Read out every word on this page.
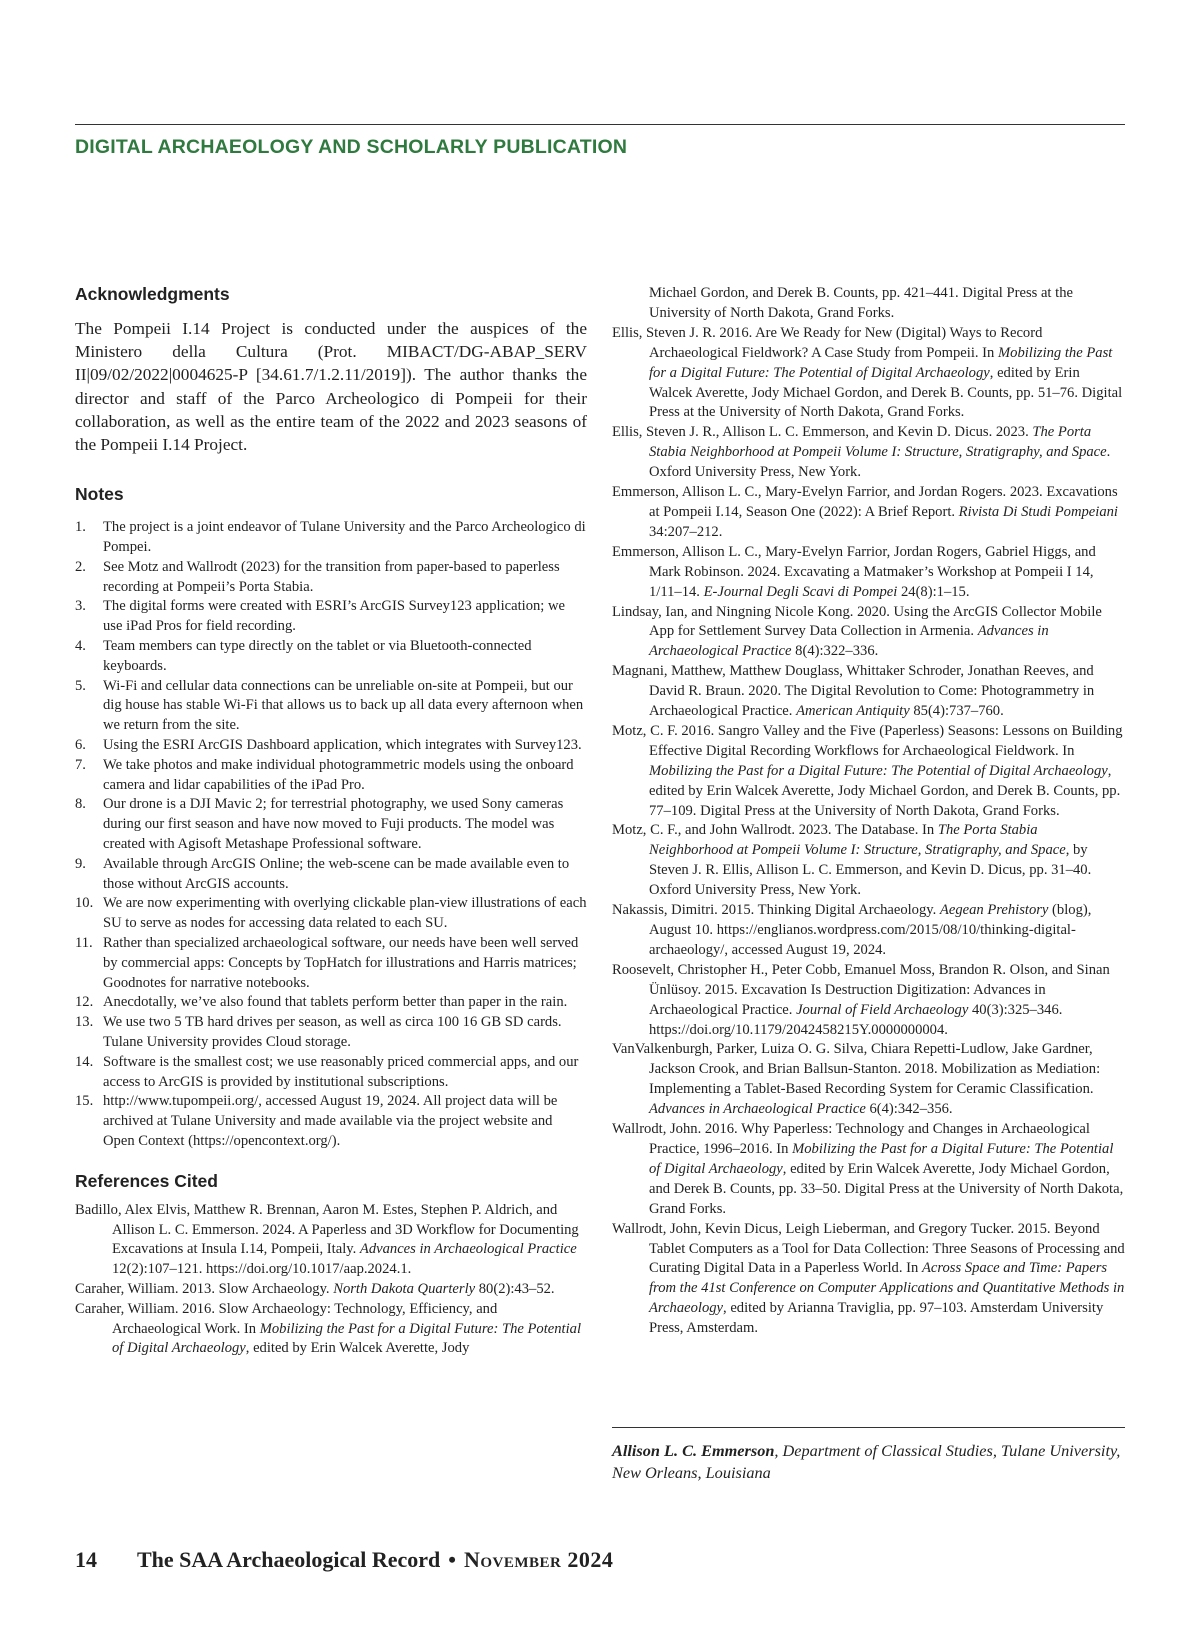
DIGITAL ARCHAEOLOGY AND SCHOLARLY PUBLICATION
Acknowledgments
The Pompeii I.14 Project is conducted under the auspices of the Ministero della Cultura (Prot. MIBACT/DG-ABAP_SERV II|09/02/2022|0004625-P [34.61.7/1.2.11/2019]). The author thanks the director and staff of the Parco Archeologico di Pompeii for their collaboration, as well as the entire team of the 2022 and 2023 seasons of the Pompeii I.14 Project.
Notes
1.	The project is a joint endeavor of Tulane University and the Parco Archeologico di Pompei.
2.	See Motz and Wallrodt (2023) for the transition from paper-based to paperless recording at Pompeii’s Porta Stabia.
3.	The digital forms were created with ESRI’s ArcGIS Survey123 application; we use iPad Pros for field recording.
4.	Team members can type directly on the tablet or via Bluetooth-connected keyboards.
5.	Wi-Fi and cellular data connections can be unreliable on-site at Pompeii, but our dig house has stable Wi-Fi that allows us to back up all data every afternoon when we return from the site.
6.	Using the ESRI ArcGIS Dashboard application, which integrates with Survey123.
7.	We take photos and make individual photogrammetric models using the onboard camera and lidar capabilities of the iPad Pro.
8.	Our drone is a DJI Mavic 2; for terrestrial photography, we used Sony cameras during our first season and have now moved to Fuji products. The model was created with Agisoft Metashape Professional software.
9.	Available through ArcGIS Online; the web-scene can be made available even to those without ArcGIS accounts.
10. We are now experimenting with overlying clickable plan-view illustrations of each SU to serve as nodes for accessing data related to each SU.
11. Rather than specialized archaeological software, our needs have been well served by commercial apps: Concepts by TopHatch for illustrations and Harris matrices; Goodnotes for narrative notebooks.
12. Anecdotally, we’ve also found that tablets perform better than paper in the rain.
13. We use two 5 TB hard drives per season, as well as circa 100 16 GB SD cards. Tulane University provides Cloud storage.
14. Software is the smallest cost; we use reasonably priced commercial apps, and our access to ArcGIS is provided by institutional subscriptions.
15. http://www.tupompeii.org/, accessed August 19, 2024. All project data will be archived at Tulane University and made available via the project website and Open Context (https://opencontext.org/).
References Cited
Badillo, Alex Elvis, Matthew R. Brennan, Aaron M. Estes, Stephen P. Aldrich, and Allison L. C. Emmerson. 2024. A Paperless and 3D Workflow for Documenting Excavations at Insula I.14, Pompeii, Italy. Advances in Archaeological Practice 12(2):107–121. https://doi.org/10.1017/aap.2024.1.
Caraher, William. 2013. Slow Archaeology. North Dakota Quarterly 80(2):43–52.
Caraher, William. 2016. Slow Archaeology: Technology, Efficiency, and Archaeological Work. In Mobilizing the Past for a Digital Future: The Potential of Digital Archaeology, edited by Erin Walcek Averette, Jody
Michael Gordon, and Derek B. Counts, pp. 421–441. Digital Press at the University of North Dakota, Grand Forks.
Ellis, Steven J. R. 2016. Are We Ready for New (Digital) Ways to Record Archaeological Fieldwork? A Case Study from Pompeii. In Mobilizing the Past for a Digital Future: The Potential of Digital Archaeology, edited by Erin Walcek Averette, Jody Michael Gordon, and Derek B. Counts, pp. 51–76. Digital Press at the University of North Dakota, Grand Forks.
Ellis, Steven J. R., Allison L. C. Emmerson, and Kevin D. Dicus. 2023. The Porta Stabia Neighborhood at Pompeii Volume I: Structure, Stratigraphy, and Space. Oxford University Press, New York.
Emmerson, Allison L. C., Mary-Evelyn Farrior, and Jordan Rogers. 2023. Excavations at Pompeii I.14, Season One (2022): A Brief Report. Rivista Di Studi Pompeiani 34:207–212.
Emmerson, Allison L. C., Mary-Evelyn Farrior, Jordan Rogers, Gabriel Higgs, and Mark Robinson. 2024. Excavating a Matmaker’s Workshop at Pompeii I 14, 1/11–14. E-Journal Degli Scavi di Pompei 24(8):1–15.
Lindsay, Ian, and Ningning Nicole Kong. 2020. Using the ArcGIS Collector Mobile App for Settlement Survey Data Collection in Armenia. Advances in Archaeological Practice 8(4):322–336.
Magnani, Matthew, Matthew Douglass, Whittaker Schroder, Jonathan Reeves, and David R. Braun. 2020. The Digital Revolution to Come: Photogrammetry in Archaeological Practice. American Antiquity 85(4):737–760.
Motz, C. F. 2016. Sangro Valley and the Five (Paperless) Seasons: Lessons on Building Effective Digital Recording Workflows for Archaeological Fieldwork. In Mobilizing the Past for a Digital Future: The Potential of Digital Archaeology, edited by Erin Walcek Averette, Jody Michael Gordon, and Derek B. Counts, pp. 77–109. Digital Press at the University of North Dakota, Grand Forks.
Motz, C. F., and John Wallrodt. 2023. The Database. In The Porta Stabia Neighborhood at Pompeii Volume I: Structure, Stratigraphy, and Space, by Steven J. R. Ellis, Allison L. C. Emmerson, and Kevin D. Dicus, pp. 31–40. Oxford University Press, New York.
Nakassis, Dimitri. 2015. Thinking Digital Archaeology. Aegean Prehistory (blog), August 10. https://englianos.wordpress.com/2015/08/10/thinking-digital-archaeology/, accessed August 19, 2024.
Roosevelt, Christopher H., Peter Cobb, Emanuel Moss, Brandon R. Olson, and Sinan Ünlüsoy. 2015. Excavation Is Destruction Digitization: Advances in Archaeological Practice. Journal of Field Archaeology 40(3):325–346. https://doi.org/10.1179/2042458215Y.0000000004.
VanValkenburgh, Parker, Luiza O. G. Silva, Chiara Repetti-Ludlow, Jake Gardner, Jackson Crook, and Brian Ballsun-Stanton. 2018. Mobilization as Mediation: Implementing a Tablet-Based Recording System for Ceramic Classification. Advances in Archaeological Practice 6(4):342–356.
Wallrodt, John. 2016. Why Paperless: Technology and Changes in Archaeological Practice, 1996–2016. In Mobilizing the Past for a Digital Future: The Potential of Digital Archaeology, edited by Erin Walcek Averette, Jody Michael Gordon, and Derek B. Counts, pp. 33–50. Digital Press at the University of North Dakota, Grand Forks.
Wallrodt, John, Kevin Dicus, Leigh Lieberman, and Gregory Tucker. 2015. Beyond Tablet Computers as a Tool for Data Collection: Three Seasons of Processing and Curating Digital Data in a Paperless World. In Across Space and Time: Papers from the 41st Conference on Computer Applications and Quantitative Methods in Archaeology, edited by Arianna Traviglia, pp. 97–103. Amsterdam University Press, Amsterdam.
Allison L. C. Emmerson, Department of Classical Studies, Tulane University, New Orleans, Louisiana
14 The SAA Archaeological Record • November 2024
